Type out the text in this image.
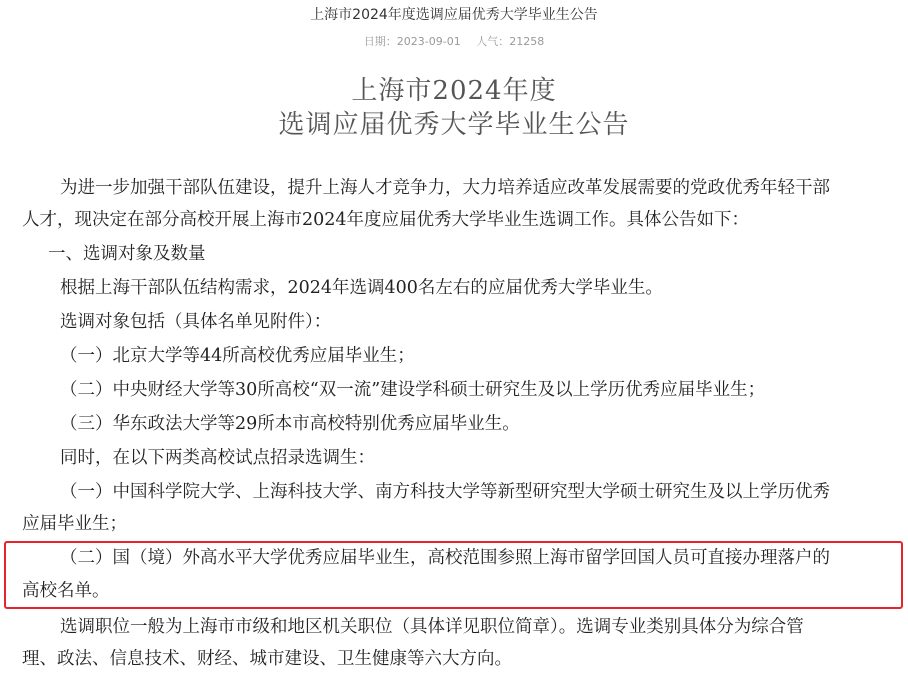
上海市2024年度选调应届优秀大学毕业生公告
日期：2023-09-01 人气：21258
上海市2024年度
选调应届优秀大学毕业生公告
为进一步加强干部队伍建设，提升上海人才竞争力，大力培养适应改革发展需要的党政优秀年轻干部
人才，现决定在部分高校开展上海市2024年度应届优秀大学毕业生选调工作。具体公告如下：
一、选调对象及数量
根据上海干部队伍结构需求，2024年选调400名左右的应届优秀大学毕业生。
选调对象包括（具体名单见附件）：
（一）北京大学等44所高校优秀应届毕业生；
（二）中央财经大学等30所高校“双一流”建设学科硕士研究生及以上学历优秀应届毕业生；
（三）华东政法大学等29所本市高校特别优秀应届毕业生。
同时，在以下两类高校试点招录选调生：
（一）中国科学院大学、上海科技大学、南方科技大学等新型研究型大学硕士研究生及以上学历优秀
应届毕业生；
（二）国（境）外高水平大学优秀应届毕业生，高校范围参照上海市留学回国人员可直接办理落户的
高校名单。
选调职位一般为上海市市级和地区机关职位（具体详见职位简章）。选调专业类别具体分为综合管
理、政法、信息技术、财经、城市建设、卫生健康等六大方向。
